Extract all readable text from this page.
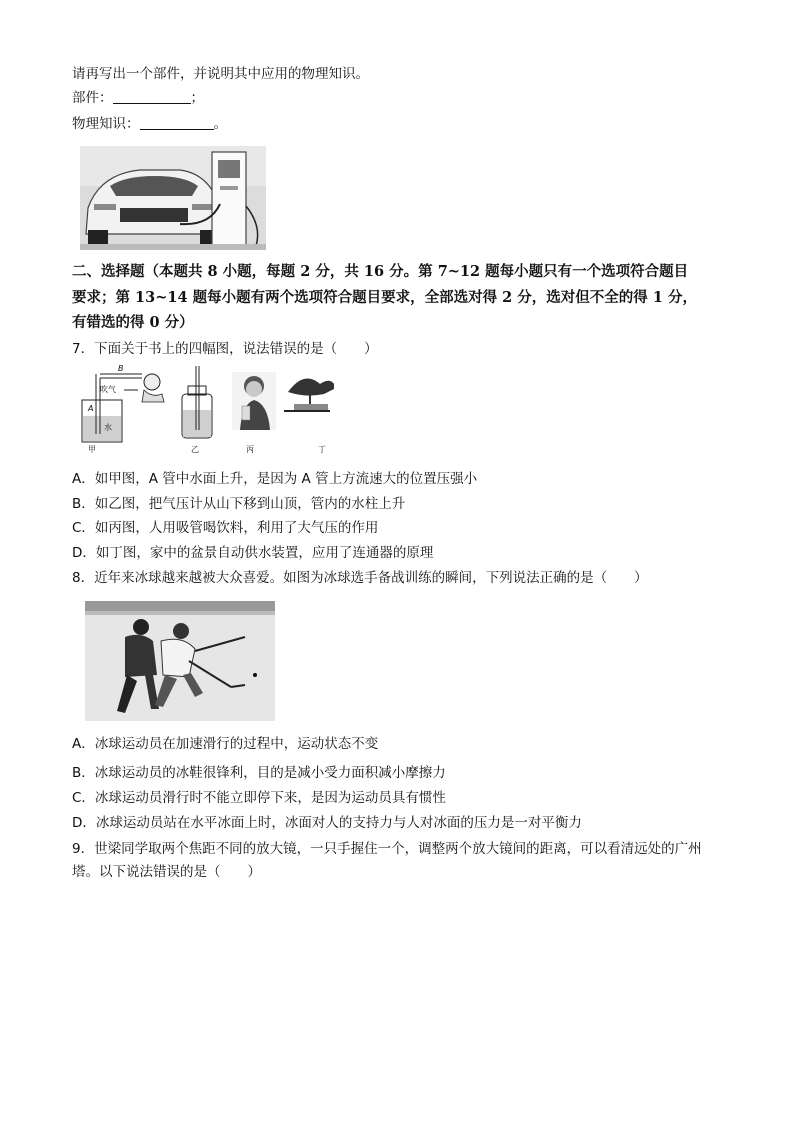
请再写出一个部件，并说明其中应用的物理知识。
部件：	；
物理知识：	。
二、选择题（本题共 8 小题，每题 2 分，共 16 分。第 7~12 题每小题只有一个选项符合题目
要求；第 13~14 题每小题有两个选项符合题目要求，全部选对得 2 分，选对但不全的得 1 分，
有错选的得 0 分）
7．下面关于书上的四幅图，说法错误的是（　　）
甲	乙	丙	丁
B
吹气
A
水
A．如甲图，A 管中水面上升，是因为 A 管上方流速大的位置压强小
B．如乙图，把气压计从山下移到山顶，管内的水柱上升
C．如丙图，人用吸管喝饮料，利用了大气压的作用
D．如丁图，家中的盆景自动供水装置，应用了连通器的原理
8．近年来冰球越来越被大众喜爱。如图为冰球选手备战训练的瞬间，下列说法正确的是（　　）
A．冰球运动员在加速滑行的过程中，运动状态不变
B．冰球运动员的冰鞋很锋利，目的是减小受力面积减小摩擦力
C．冰球运动员滑行时不能立即停下来，是因为运动员具有惯性
D．冰球运动员站在水平冰面上时，冰面对人的支持力与人对冰面的压力是一对平衡力
9．世梁同学取两个焦距不同的放大镜，一只手握住一个，调整两个放大镜间的距离，可以看清远处的广州
塔。以下说法错误的是（　　）
